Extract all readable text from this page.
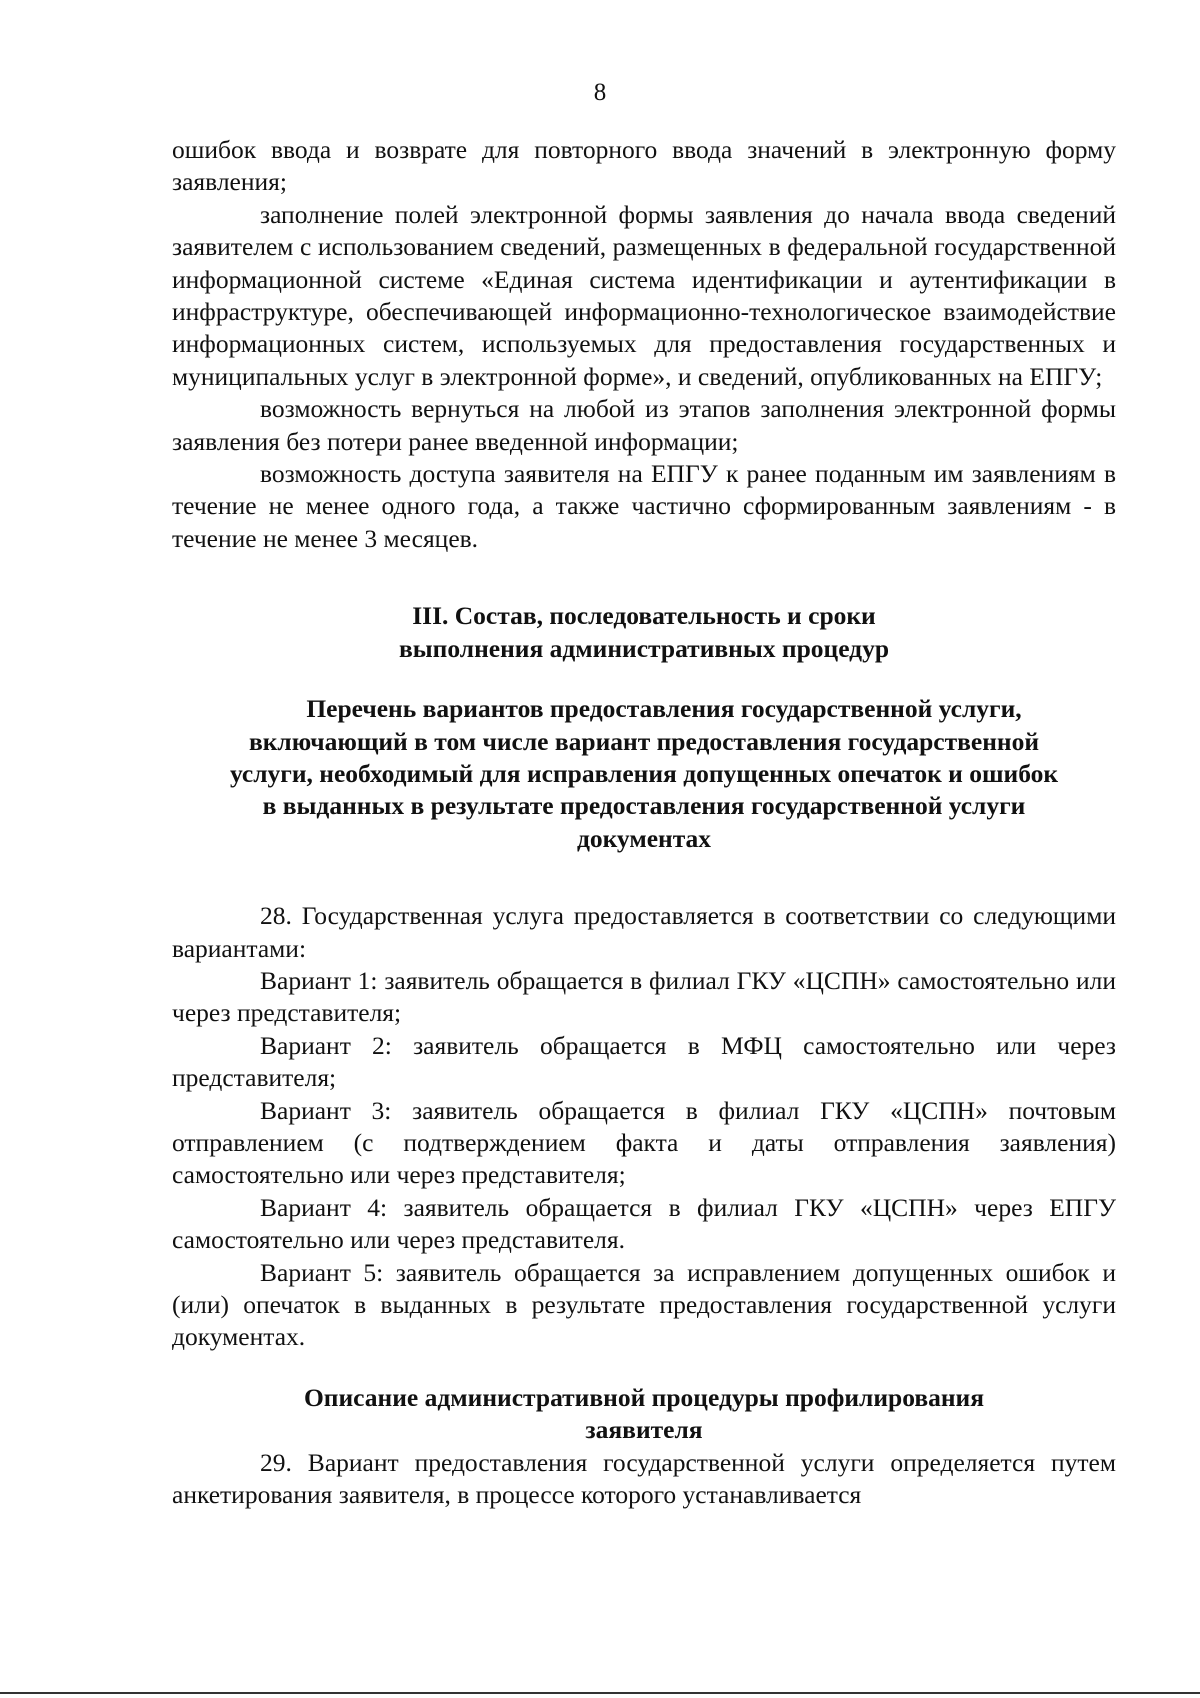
8

ошибок ввода и возврате для повторного ввода значений в электронную форму заявления;

заполнение полей электронной формы заявления до начала ввода сведений заявителем с использованием сведений, размещенных в федеральной государственной информационной системе «Единая система идентификации и аутентификации в инфраструктуре, обеспечивающей информационно-технологическое взаимодействие информационных систем, используемых для предоставления государственных и муниципальных услуг в электронной форме», и сведений, опубликованных на ЕПГУ;

возможность вернуться на любой из этапов заполнения электронной формы заявления без потери ранее введенной информации;

возможность доступа заявителя на ЕПГУ к ранее поданным им заявлениям в течение не менее одного года, а также частично сформированным заявлениям - в течение не менее 3 месяцев.

III. Состав, последовательность и сроки

выполнения административных процедур

Перечень вариантов предоставления государственной услуги,

включающий в том числе вариант предоставления государственной

услуги, необходимый для исправления допущенных опечаток и ошибок

в выданных в результате предоставления государственной услуги

документах

28. Государственная услуга предоставляется в соответствии со следующими вариантами:

Вариант 1: заявитель обращается в филиал ГКУ «ЦСПН» самостоятельно или через представителя;

Вариант 2: заявитель обращается в МФЦ самостоятельно или через представителя;

Вариант 3: заявитель обращается в филиал ГКУ «ЦСПН» почтовым отправлением (с подтверждением факта и даты отправления заявления) самостоятельно или через представителя;

Вариант 4: заявитель обращается в филиал ГКУ «ЦСПН» через ЕПГУ самостоятельно или через представителя.

Вариант 5: заявитель обращается за исправлением допущенных ошибок и (или) опечаток в выданных в результате предоставления государственной услуги документах.

Описание административной процедуры профилирования

заявителя

29. Вариант предоставления государственной услуги определяется путем анкетирования заявителя, в процессе которого устанавливается
